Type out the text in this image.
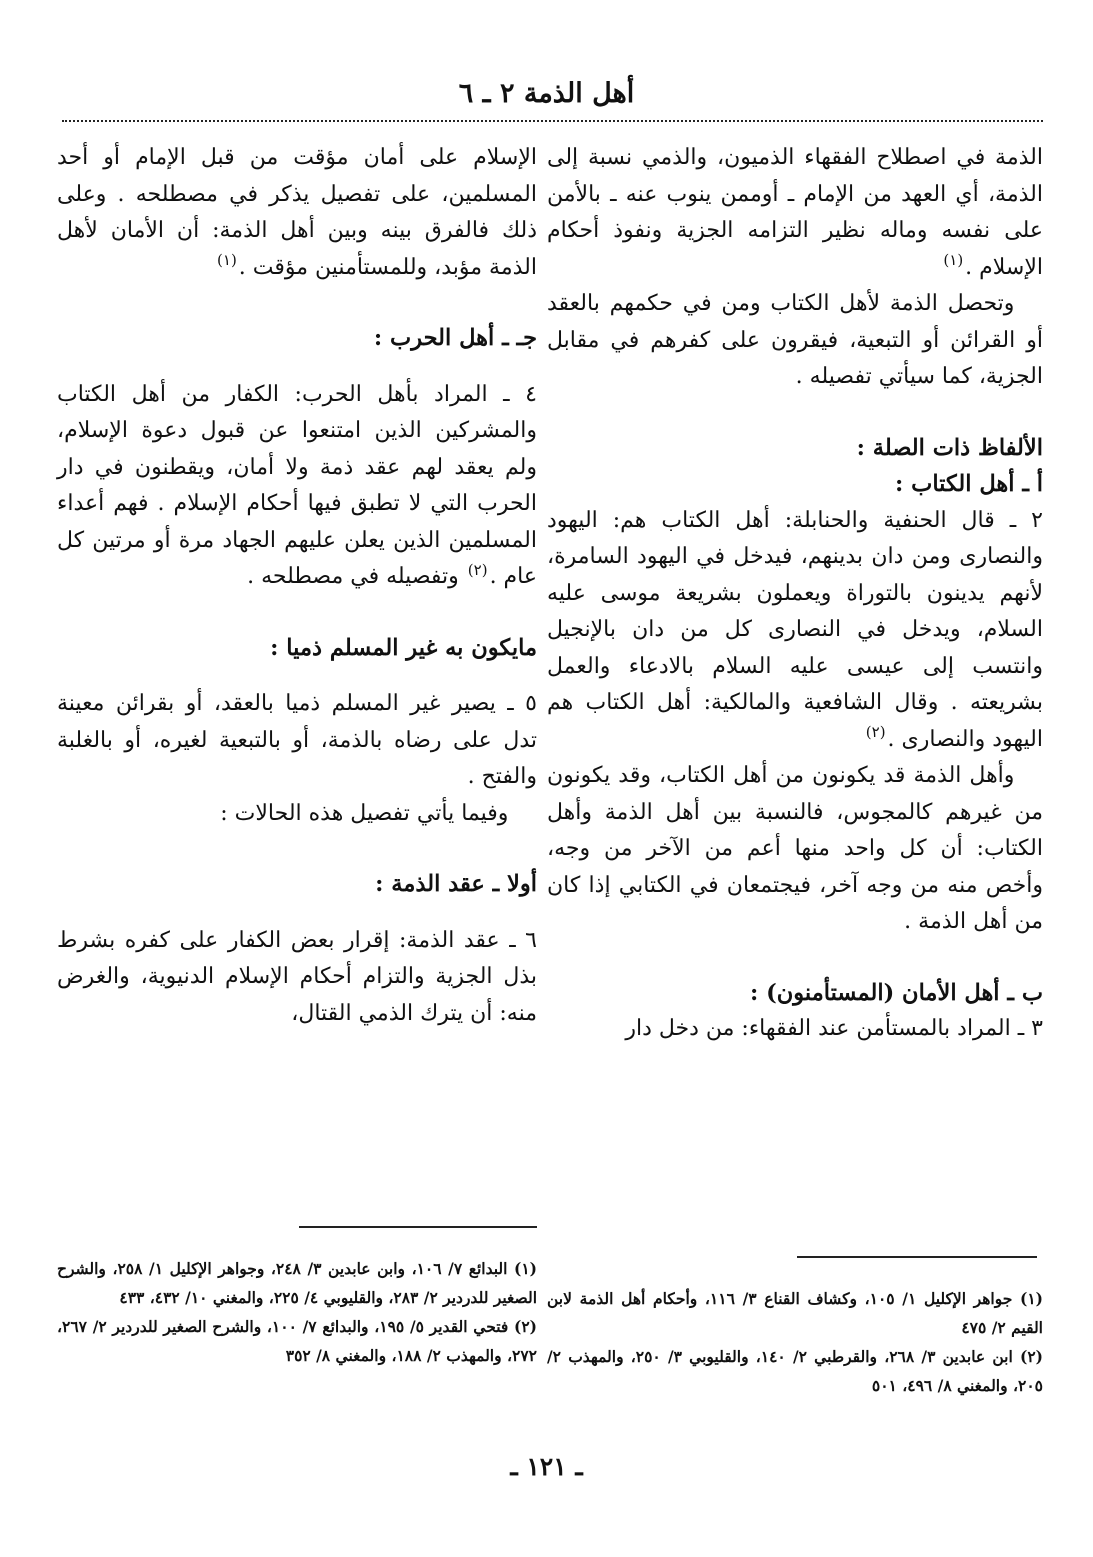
أهل الذمة ٢ ـ ٦

الذمة في اصطلاح الفقهاء الذميون، والذمي نسبة إلى الذمة، أي العهد من الإمام ـ أوممن ينوب عنه ـ بالأمن على نفسه وماله نظير التزامه الجزية ونفوذ أحكام الإسلام .$^{(١)}$

وتحصل الذمة لأهل الكتاب ومن في حكمهم بالعقد أو القرائن أو التبعية، فيقرون على كفرهم في مقابل الجزية، كما سيأتي تفصيله .

الألفاظ ذات الصلة :
أ ـ أهل الكتاب :

٢ ـ قال الحنفية والحنابلة: أهل الكتاب هم: اليهود والنصارى ومن دان بدينهم، فيدخل في اليهود السامرة، لأنهم يدينون بالتوراة ويعملون بشريعة موسى عليه السلام، ويدخل في النصارى كل من دان بالإنجيل وانتسب إلى عيسى عليه السلام بالادعاء والعمل بشريعته . وقال الشافعية والمالكية: أهل الكتاب هم اليهود والنصارى .$^{(٢)}$

وأهل الذمة قد يكونون من أهل الكتاب، وقد يكونون من غيرهم كالمجوس، فالنسبة بين أهل الذمة وأهل الكتاب: أن كل واحد منها أعم من الآخر من وجه، وأخص منه من وجه آخر، فيجتمعان في الكتابي إذا كان من أهل الذمة .

ب ـ أهل الأمان (المستأمنون) :

٣ ـ المراد بالمستأمن عند الفقهاء: من دخل دار

الإسلام على أمان مؤقت من قبل الإمام أو أحد المسلمين، على تفصيل يذكر في مصطلحه . وعلى ذلك فالفرق بينه وبين أهل الذمة: أن الأمان لأهل الذمة مؤبد، وللمستأمنين مؤقت .$^{(١)}$

جـ ـ أهل الحرب :

٤ ـ المراد بأهل الحرب: الكفار من أهل الكتاب والمشركين الذين امتنعوا عن قبول دعوة الإسلام، ولم يعقد لهم عقد ذمة ولا أمان، ويقطنون في دار الحرب التي لا تطبق فيها أحكام الإسلام . فهم أعداء المسلمين الذين يعلن عليهم الجهاد مرة أو مرتين كل عام .$^{(٢)}$ وتفصيله في مصطلحه .

مايكون به غير المسلم ذميا :

٥ ـ يصير غير المسلم ذميا بالعقد، أو بقرائن معينة تدل على رضاه بالذمة، أو بالتبعية لغيره، أو بالغلبة والفتح .

وفيما يأتي تفصيل هذه الحالات :

أولا ـ عقد الذمة :

٦ ـ عقد الذمة: إقرار بعض الكفار على كفره بشرط بذل الجزية والتزام أحكام الإسلام الدنيوية، والغرض منه: أن يترك الذمي القتال،

(١) جواهر الإكليل ١/ ١٠٥، وكشاف القناع ٣/ ١١٦، وأحكام أهل الذمة لابن القيم ٢/ ٤٧٥

(٢) ابن عابدين ٣/ ٢٦٨، والقرطبي ٢/ ١٤٠، والقليوبي ٣/ ٢٥٠، والمهذب ٢/ ٢٠٥، والمغني ٨/ ٤٩٦، ٥٠١

(١) البدائع ٧/ ١٠٦، وابن عابدين ٣/ ٢٤٨، وجواهر الإكليل ١/ ٢٥٨، والشرح الصغير للدردير ٢/ ٢٨٣، والقليوبي ٤/ ٢٢٥، والمغني ١٠/ ٤٣٢، ٤٣٣

(٢) فتحي القدير ٥/ ١٩٥، والبدائع ٧/ ١٠٠، والشرح الصغير للدردير ٢/ ٢٦٧، ٢٧٢، والمهذب ٢/ ١٨٨، والمغني ٨/ ٣٥٢

ـ ١٢١ ـ
